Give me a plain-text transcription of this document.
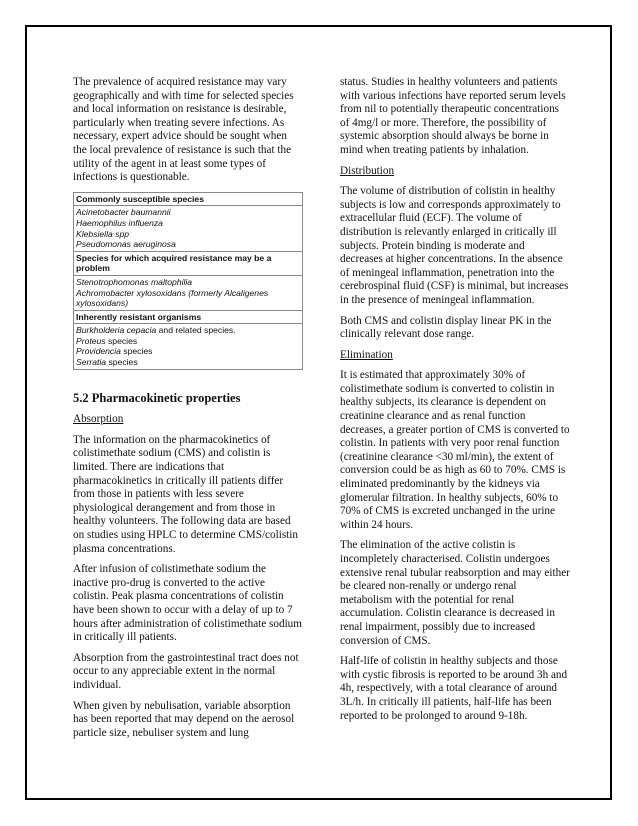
The prevalence of acquired resistance may vary geographically and with time for selected species and local information on resistance is desirable, particularly when treating severe infections. As necessary, expert advice should be sought when the local prevalence of resistance is such that the utility of the agent in at least some types of infections is questionable.

Commonly susceptible species

Acinetobacter baumannii
Haemophilus influenza
Klebsiella spp
Pseudomonas aeruginosa

Species for which acquired resistance may be a problem

Stenotrophomonas maltophilia
Achromobacter xylosoxidans (formerly Alcaligenes xylosoxidans)

Inherently resistant organisms

Burkholderia cepacia and related species.
Proteus species
Providencia species
Serratia species
5.2 Pharmacokinetic properties

Absorption

The information on the pharmacokinetics of colistimethate sodium (CMS) and colistin is limited. There are indications that pharmacokinetics in critically ill patients differ from those in patients with less severe physiological derangement and from those in healthy volunteers. The following data are based on studies using HPLC to determine CMS/colistin plasma concentrations.

After infusion of colistimethate sodium the inactive pro-drug is converted to the active colistin. Peak plasma concentrations of colistin have been shown to occur with a delay of up to 7 hours after administration of colistimethate sodium in critically ill patients.

Absorption from the gastrointestinal tract does not occur to any appreciable extent in the normal individual.

When given by nebulisation, variable absorption has been reported that may depend on the aerosol particle size, nebuliser system and lung

status. Studies in healthy volunteers and patients with various infections have reported serum levels from nil to potentially therapeutic concentrations of 4mg/l or more. Therefore, the possibility of systemic absorption should always be borne in mind when treating patients by inhalation.

Distribution

The volume of distribution of colistin in healthy subjects is low and corresponds approximately to extracellular fluid (ECF). The volume of distribution is relevantly enlarged in critically ill subjects. Protein binding is moderate and decreases at higher concentrations. In the absence of meningeal inflammation, penetration into the cerebrospinal fluid (CSF) is minimal, but increases in the presence of meningeal inflammation.

Both CMS and colistin display linear PK in the clinically relevant dose range.

Elimination

It is estimated that approximately 30% of colistimethate sodium is converted to colistin in healthy subjects, its clearance is dependent on creatinine clearance and as renal function decreases, a greater portion of CMS is converted to colistin. In patients with very poor renal function (creatinine clearance <30 ml/min), the extent of conversion could be as high as 60 to 70%. CMS is eliminated predominantly by the kidneys via glomerular filtration. In healthy subjects, 60% to 70% of CMS is excreted unchanged in the urine within 24 hours.

The elimination of the active colistin is incompletely characterised. Colistin undergoes extensive renal tubular reabsorption and may either be cleared non-renally or undergo renal metabolism with the potential for renal accumulation. Colistin clearance is decreased in renal impairment, possibly due to increased conversion of CMS.

Half-life of colistin in healthy subjects and those with cystic fibrosis is reported to be around 3h and 4h, respectively, with a total clearance of around 3L/h. In critically ill patients, half-life has been reported to be prolonged to around 9-18h.
